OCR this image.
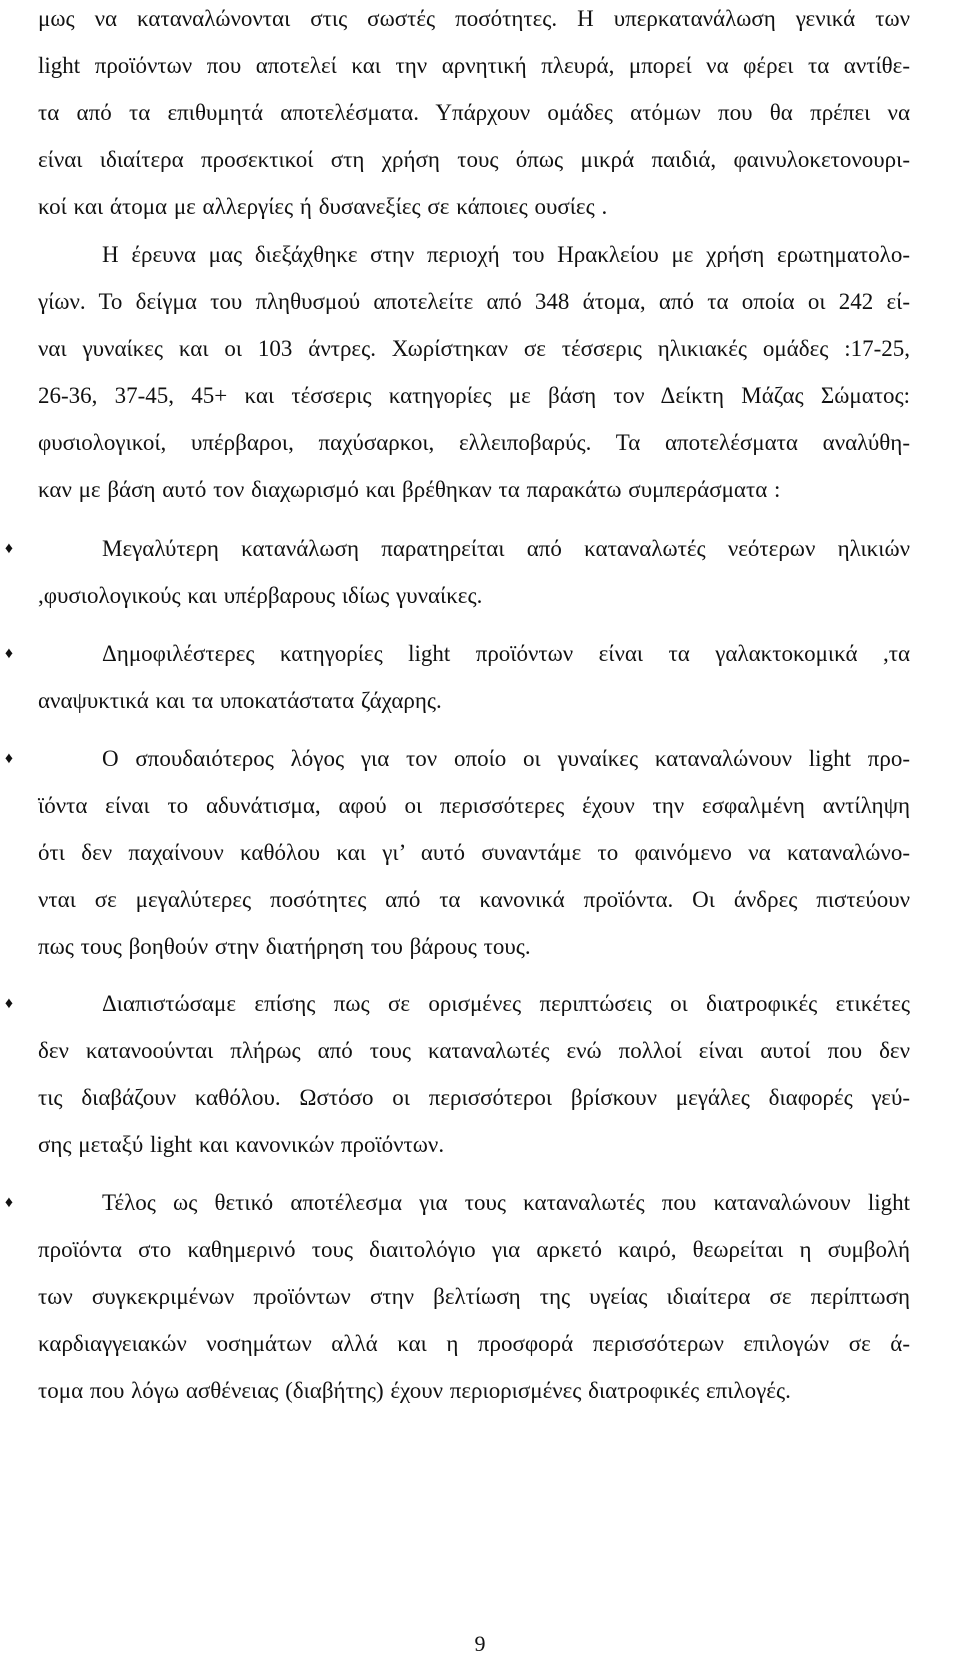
μως να καταναλώνονται στις σωστές ποσότητες. Η υπερκατανάλωση γενικά των
light προϊόντων που αποτελεί και την αρνητική πλευρά, μπορεί να φέρει τα αντίθε-
τα από τα επιθυμητά αποτελέσματα. Υπάρχουν ομάδες ατόμων που θα πρέπει να
είναι ιδιαίτερα προσεκτικοί στη χρήση τους όπως μικρά παιδιά, φαινυλοκετονουρι-
κοί και άτομα με αλλεργίες ή δυσανεξίες σε κάποιες ουσίες .
Η έρευνα μας διεξάχθηκε στην περιοχή του Ηρακλείου με χρήση ερωτηματολο-
γίων. Το δείγμα του πληθυσμού αποτελείτε από 348 άτομα, από τα οποία οι 242 εί-
ναι γυναίκες και οι 103 άντρες. Χωρίστηκαν σε τέσσερις ηλικιακές ομάδες :17-25,
26-36, 37-45, 45+ και τέσσερις κατηγορίες με βάση τον Δείκτη Μάζας Σώματος:
φυσιολογικοί, υπέρβαροι, παχύσαρκοι, ελλειποβαρύς. Τα αποτελέσματα αναλύθη-
καν με βάση αυτό τον διαχωρισμό και βρέθηκαν τα παρακάτω συμπεράσματα :
♦	Μεγαλύτερη κατανάλωση παρατηρείται από καταναλωτές νεότερων ηλικιών
,φυσιολογικούς και υπέρβαρους ιδίως γυναίκες.
♦	Δημοφιλέστερες κατηγορίες light προϊόντων είναι τα γαλακτοκομικά ,τα
αναψυκτικά και τα υποκατάστατα ζάχαρης.
♦	Ο σπουδαιότερος λόγος για τον οποίο οι γυναίκες καταναλώνουν light προ-
ϊόντα είναι το αδυνάτισμα, αφού οι περισσότερες έχουν την εσφαλμένη αντίληψη
ότι δεν παχαίνουν καθόλου και γι’ αυτό συναντάμε το φαινόμενο να καταναλώνο-
νται σε μεγαλύτερες ποσότητες από τα κανονικά προϊόντα. Οι άνδρες πιστεύουν
πως τους βοηθούν στην διατήρηση του βάρους τους.
♦	Διαπιστώσαμε επίσης πως σε ορισμένες περιπτώσεις οι διατροφικές ετικέτες
δεν κατανοούνται πλήρως από τους καταναλωτές ενώ πολλοί είναι αυτοί που δεν
τις διαβάζουν καθόλου. Ωστόσο οι περισσότεροι βρίσκουν μεγάλες διαφορές γεύ-
σης μεταξύ light και κανονικών προϊόντων.
♦	Τέλος ως θετικό αποτέλεσμα για τους καταναλωτές που καταναλώνουν light
προϊόντα στο καθημερινό τους διαιτολόγιο για αρκετό καιρό, θεωρείται η συμβολή
των συγκεκριμένων προϊόντων στην βελτίωση της υγείας ιδιαίτερα σε περίπτωση
καρδιαγγειακών νοσημάτων αλλά και η προσφορά περισσότερων επιλογών σε ά-
τομα που λόγω ασθένειας (διαβήτης) έχουν περιορισμένες διατροφικές επιλογές.
9
